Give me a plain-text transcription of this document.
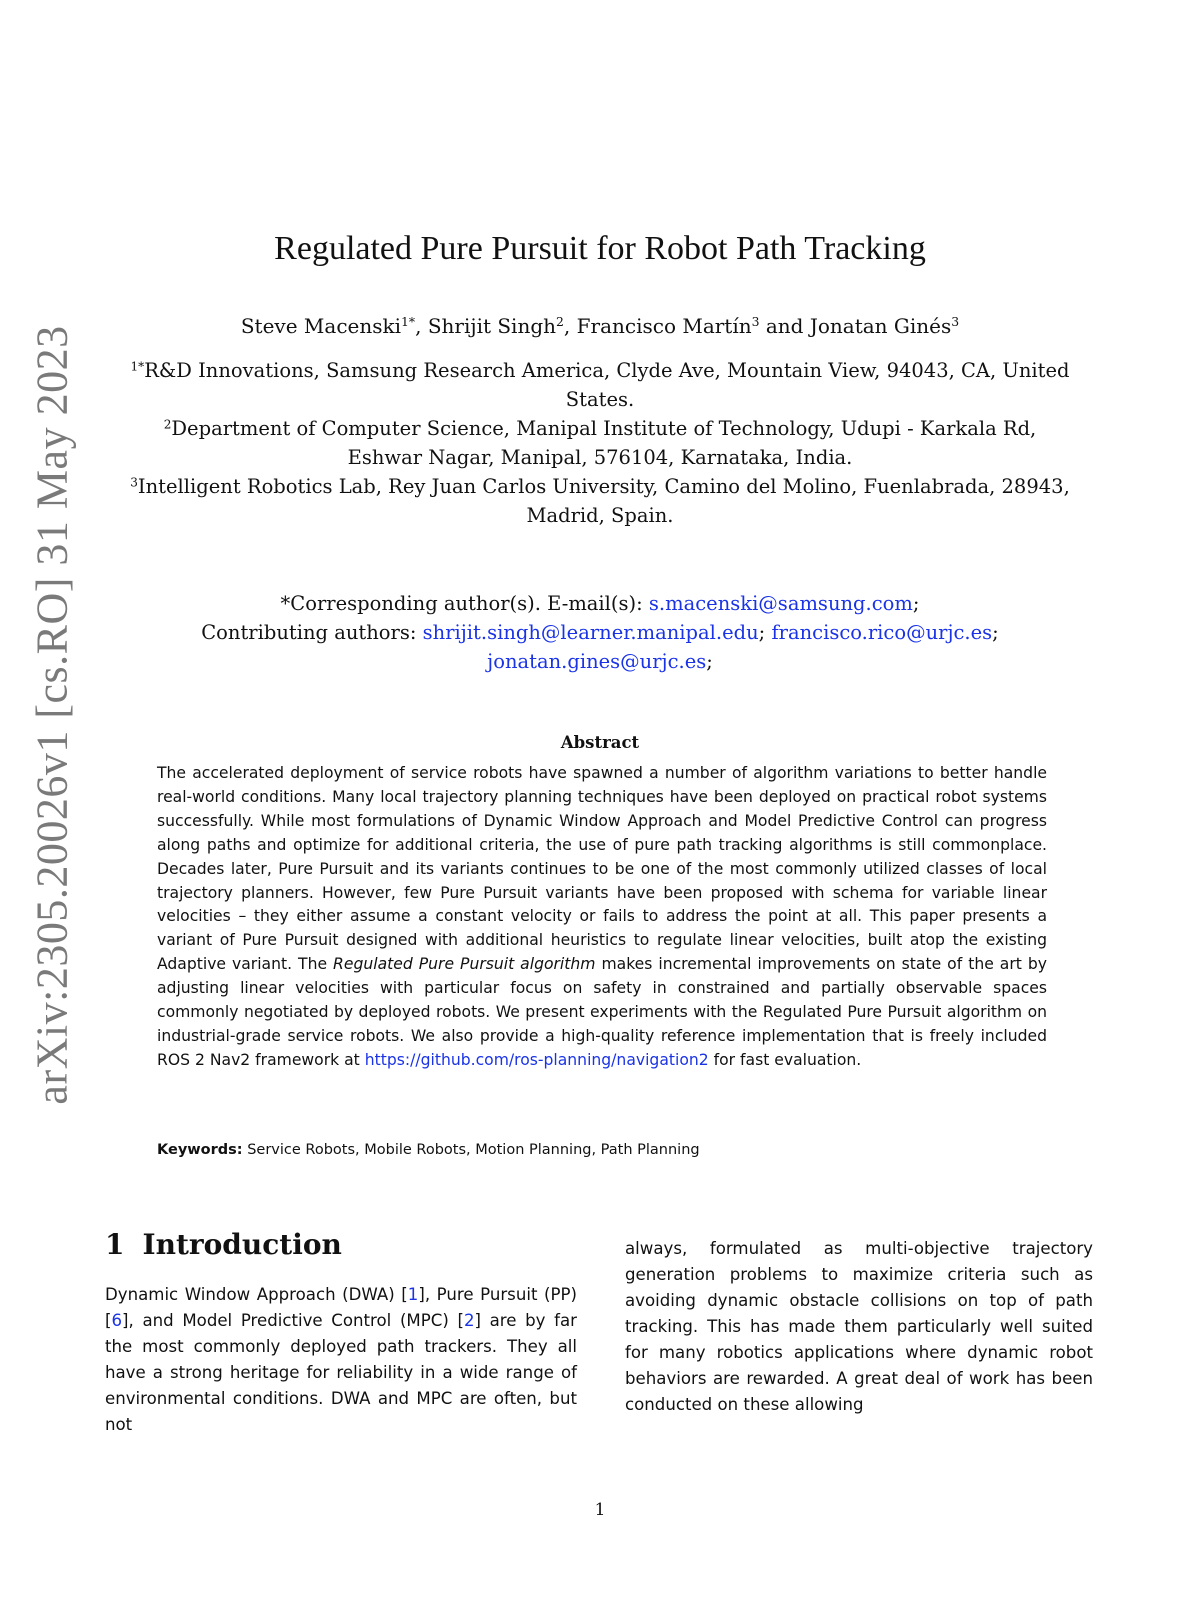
arXiv:2305.20026v1 [cs.RO] 31 May 2023
Regulated Pure Pursuit for Robot Path Tracking
Steve Macenski$^{1*}$, Shrijit Singh$^2$, Francisco Martín$^3$ and Jonatan Ginés$^3$
$^{1*}$R&D Innovations, Samsung Research America, Clyde Ave, Mountain View, 94043, CA, United States.
$^2$Department of Computer Science, Manipal Institute of Technology, Udupi - Karkala Rd, Eshwar Nagar, Manipal, 576104, Karnataka, India.
$^3$Intelligent Robotics Lab, Rey Juan Carlos University, Camino del Molino, Fuenlabrada, 28943, Madrid, Spain.
*Corresponding author(s). E-mail(s): s.macenski@samsung.com;
Contributing authors: shrijit.singh@learner.manipal.edu; francisco.rico@urjc.es;
jonatan.gines@urjc.es;
Abstract
The accelerated deployment of service robots have spawned a number of algorithm variations to better handle real-world conditions. Many local trajectory planning techniques have been deployed on practical robot systems successfully. While most formulations of Dynamic Window Approach and Model Predictive Control can progress along paths and optimize for additional criteria, the use of pure path tracking algorithms is still commonplace. Decades later, Pure Pursuit and its variants continues to be one of the most commonly utilized classes of local trajectory planners. However, few Pure Pursuit variants have been proposed with schema for variable linear velocities – they either assume a constant velocity or fails to address the point at all. This paper presents a variant of Pure Pursuit designed with additional heuristics to regulate linear velocities, built atop the existing Adaptive variant. The Regulated Pure Pursuit algorithm makes incremental improvements on state of the art by adjusting linear velocities with particular focus on safety in constrained and partially observable spaces commonly negotiated by deployed robots. We present experiments with the Regulated Pure Pursuit algorithm on industrial-grade service robots. We also provide a high-quality reference implementation that is freely included ROS 2 Nav2 framework at https://github.com/ros-planning/navigation2 for fast evaluation.
Keywords: Service Robots, Mobile Robots, Motion Planning, Path Planning
1 Introduction
Dynamic Window Approach (DWA) [1], Pure Pursuit (PP) [6], and Model Predictive Control (MPC) [2] are by far the most commonly deployed path trackers. They all have a strong heritage for reliability in a wide range of environmental conditions. DWA and MPC are often, but not
always, formulated as multi-objective trajectory generation problems to maximize criteria such as avoiding dynamic obstacle collisions on top of path tracking. This has made them particularly well suited for many robotics applications where dynamic robot behaviors are rewarded. A great deal of work has been conducted on these allowing
1
